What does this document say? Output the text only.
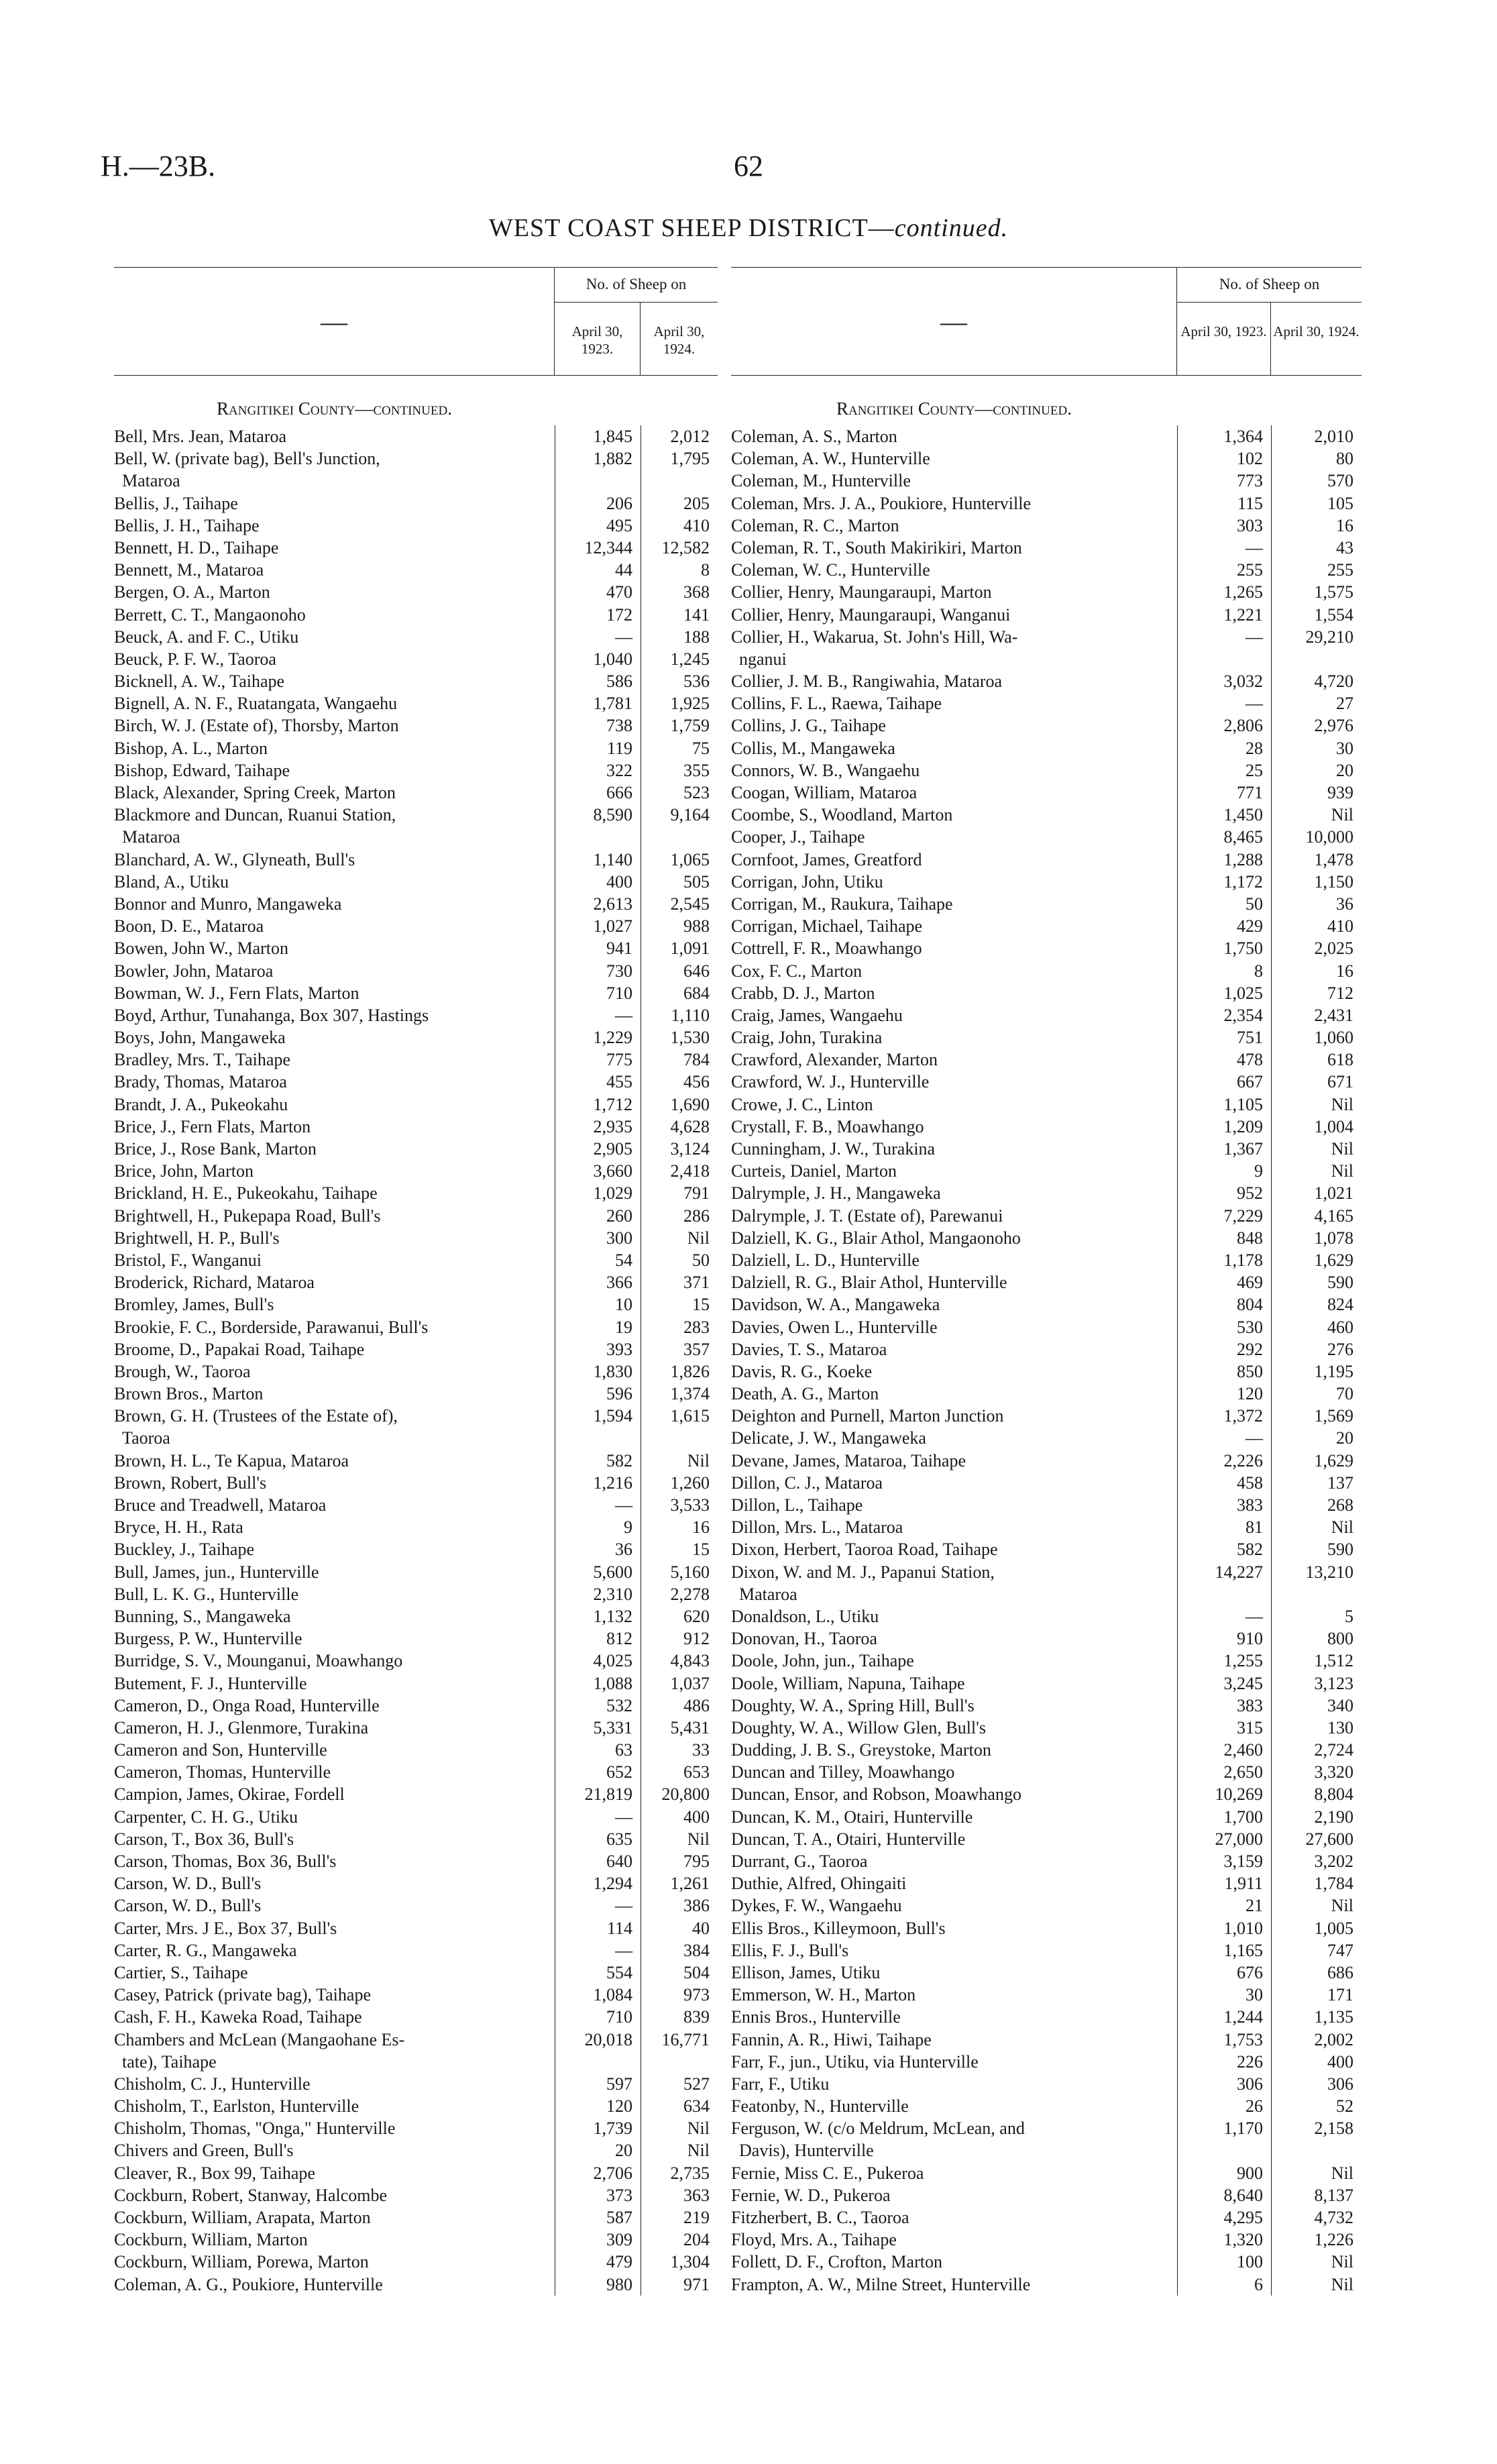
H.—23B.	62
WEST COAST SHEEP DISTRICT—continued.
—
No. of Sheep on
April 30, 1923.
April 30, 1924.
Rangitikei County—continued.
Bell, Mrs. Jean, Mataroa	1,845	2,012
Bell, W. (private bag), Bell's Junction,	1,882	1,795
Mataroa
Bellis, J., Taihape	206	205
Bellis, J. H., Taihape	495	410
Bennett, H. D., Taihape	12,344	12,582
Bennett, M., Mataroa	44	8
Bergen, O. A., Marton	470	368
Berrett, C. T., Mangaonoho	172	141
Beuck, A. and F. C., Utiku	—	188
Beuck, P. F. W., Taoroa	1,040	1,245
Bicknell, A. W., Taihape	586	536
Bignell, A. N. F., Ruatangata, Wangaehu	1,781	1,925
Birch, W. J. (Estate of), Thorsby, Marton	738	1,759
Bishop, A. L., Marton	119	75
Bishop, Edward, Taihape	322	355
Black, Alexander, Spring Creek, Marton	666	523
Blackmore and Duncan, Ruanui Station,	8,590	9,164
Mataroa
Blanchard, A. W., Glyneath, Bull's	1,140	1,065
Bland, A., Utiku	400	505
Bonnor and Munro, Mangaweka	2,613	2,545
Boon, D. E., Mataroa	1,027	988
Bowen, John W., Marton	941	1,091
Bowler, John, Mataroa	730	646
Bowman, W. J., Fern Flats, Marton	710	684
Boyd, Arthur, Tunahanga, Box 307, Hastings	—	1,110
Boys, John, Mangaweka	1,229	1,530
Bradley, Mrs. T., Taihape	775	784
Brady, Thomas, Mataroa	455	456
Brandt, J. A., Pukeokahu	1,712	1,690
Brice, J., Fern Flats, Marton	2,935	4,628
Brice, J., Rose Bank, Marton	2,905	3,124
Brice, John, Marton	3,660	2,418
Brickland, H. E., Pukeokahu, Taihape	1,029	791
Brightwell, H., Pukepapa Road, Bull's	260	286
Brightwell, H. P., Bull's	300	Nil
Bristol, F., Wanganui	54	50
Broderick, Richard, Mataroa	366	371
Bromley, James, Bull's	10	15
Brookie, F. C., Borderside, Parawanui, Bull's	19	283
Broome, D., Papakai Road, Taihape	393	357
Brough, W., Taoroa	1,830	1,826
Brown Bros., Marton	596	1,374
Brown, G. H. (Trustees of the Estate of),	1,594	1,615
Taoroa
Brown, H. L., Te Kapua, Mataroa	582	Nil
Brown, Robert, Bull's	1,216	1,260
Bruce and Treadwell, Mataroa	—	3,533
Bryce, H. H., Rata	9	16
Buckley, J., Taihape	36	15
Bull, James, jun., Hunterville	5,600	5,160
Bull, L. K. G., Hunterville	2,310	2,278
Bunning, S., Mangaweka	1,132	620
Burgess, P. W., Hunterville	812	912
Burridge, S. V., Mounganui, Moawhango	4,025	4,843
Butement, F. J., Hunterville	1,088	1,037
Cameron, D., Onga Road, Hunterville	532	486
Cameron, H. J., Glenmore, Turakina	5,331	5,431
Cameron and Son, Hunterville	63	33
Cameron, Thomas, Hunterville	652	653
Campion, James, Okirae, Fordell	21,819	20,800
Carpenter, C. H. G., Utiku	—	400
Carson, T., Box 36, Bull's	635	Nil
Carson, Thomas, Box 36, Bull's	640	795
Carson, W. D., Bull's	1,294	1,261
Carson, W. D., Bull's	—	386
Carter, Mrs. J E., Box 37, Bull's	114	40
Carter, R. G., Mangaweka	—	384
Cartier, S., Taihape	554	504
Casey, Patrick (private bag), Taihape	1,084	973
Cash, F. H., Kaweka Road, Taihape	710	839
Chambers and McLean (Mangaohane Es-	20,018	16,771
tate), Taihape
Chisholm, C. J., Hunterville	597	527
Chisholm, T., Earlston, Hunterville	120	634
Chisholm, Thomas, "Onga," Hunterville	1,739	Nil
Chivers and Green, Bull's	20	Nil
Cleaver, R., Box 99, Taihape	2,706	2,735
Cockburn, Robert, Stanway, Halcombe	373	363
Cockburn, William, Arapata, Marton	587	219
Cockburn, William, Marton	309	204
Cockburn, William, Porewa, Marton	479	1,304
Coleman, A. G., Poukiore, Hunterville	980	971
—
No. of Sheep on
April 30, 1923. April 30, 1924.
Rangitikei County—continued.
Coleman, A. S., Marton	1,364	2,010
Coleman, A. W., Hunterville	102	80
Coleman, M., Hunterville	773	570
Coleman, Mrs. J. A., Poukiore, Hunterville	115	105
Coleman, R. C., Marton	303	16
Coleman, R. T., South Makirikiri, Marton	—	43
Coleman, W. C., Hunterville	255	255
Collier, Henry, Maungaraupi, Marton	1,265	1,575
Collier, Henry, Maungaraupi, Wanganui	1,221	1,554
Collier, H., Wakarua, St. John's Hill, Wa-	—	29,210
nganui
Collier, J. M. B., Rangiwahia, Mataroa	3,032	4,720
Collins, F. L., Raewa, Taihape	—	27
Collins, J. G., Taihape	2,806	2,976
Collis, M., Mangaweka	28	30
Connors, W. B., Wangaehu	25	20
Coogan, William, Mataroa	771	939
Coombe, S., Woodland, Marton	1,450	Nil
Cooper, J., Taihape	8,465	10,000
Cornfoot, James, Greatford	1,288	1,478
Corrigan, John, Utiku	1,172	1,150
Corrigan, M., Raukura, Taihape	50	36
Corrigan, Michael, Taihape	429	410
Cottrell, F. R., Moawhango	1,750	2,025
Cox, F. C., Marton	8	16
Crabb, D. J., Marton	1,025	712
Craig, James, Wangaehu	2,354	2,431
Craig, John, Turakina	751	1,060
Crawford, Alexander, Marton	478	618
Crawford, W. J., Hunterville	667	671
Crowe, J. C., Linton	1,105	Nil
Crystall, F. B., Moawhango	1,209	1,004
Cunningham, J. W., Turakina	1,367	Nil
Curteis, Daniel, Marton	9	Nil
Dalrymple, J. H., Mangaweka	952	1,021
Dalrymple, J. T. (Estate of), Parewanui	7,229	4,165
Dalziell, K. G., Blair Athol, Mangaonoho	848	1,078
Dalziell, L. D., Hunterville	1,178	1,629
Dalziell, R. G., Blair Athol, Hunterville	469	590
Davidson, W. A., Mangaweka	804	824
Davies, Owen L., Hunterville	530	460
Davies, T. S., Mataroa	292	276
Davis, R. G., Koeke	850	1,195
Death, A. G., Marton	120	70
Deighton and Purnell, Marton Junction	1,372	1,569
Delicate, J. W., Mangaweka	—	20
Devane, James, Mataroa, Taihape	2,226	1,629
Dillon, C. J., Mataroa	458	137
Dillon, L., Taihape	383	268
Dillon, Mrs. L., Mataroa	81	Nil
Dixon, Herbert, Taoroa Road, Taihape	582	590
Dixon, W. and M. J., Papanui Station,	14,227	13,210
Mataroa
Donaldson, L., Utiku	—	5
Donovan, H., Taoroa	910	800
Doole, John, jun., Taihape	1,255	1,512
Doole, William, Napuna, Taihape	3,245	3,123
Doughty, W. A., Spring Hill, Bull's	383	340
Doughty, W. A., Willow Glen, Bull's	315	130
Dudding, J. B. S., Greystoke, Marton	2,460	2,724
Duncan and Tilley, Moawhango	2,650	3,320
Duncan, Ensor, and Robson, Moawhango	10,269	8,804
Duncan, K. M., Otairi, Hunterville	1,700	2,190
Duncan, T. A., Otairi, Hunterville	27,000	27,600
Durrant, G., Taoroa	3,159	3,202
Duthie, Alfred, Ohingaiti	1,911	1,784
Dykes, F. W., Wangaehu	21	Nil
Ellis Bros., Killeymoon, Bull's	1,010	1,005
Ellis, F. J., Bull's	1,165	747
Ellison, James, Utiku	676	686
Emmerson, W. H., Marton	30	171
Ennis Bros., Hunterville	1,244	1,135
Fannin, A. R., Hiwi, Taihape	1,753	2,002
Farr, F., jun., Utiku, via Hunterville	226	400
Farr, F., Utiku	306	306
Featonby, N., Hunterville	26	52
Ferguson, W. (c/o Meldrum, McLean, and	1,170	2,158
Davis), Hunterville
Fernie, Miss C. E., Pukeroa	900	Nil
Fernie, W. D., Pukeroa	8,640	8,137
Fitzherbert, B. C., Taoroa	4,295	4,732
Floyd, Mrs. A., Taihape	1,320	1,226
Follett, D. F., Crofton, Marton	100	Nil
Frampton, A. W., Milne Street, Hunterville	6	Nil
